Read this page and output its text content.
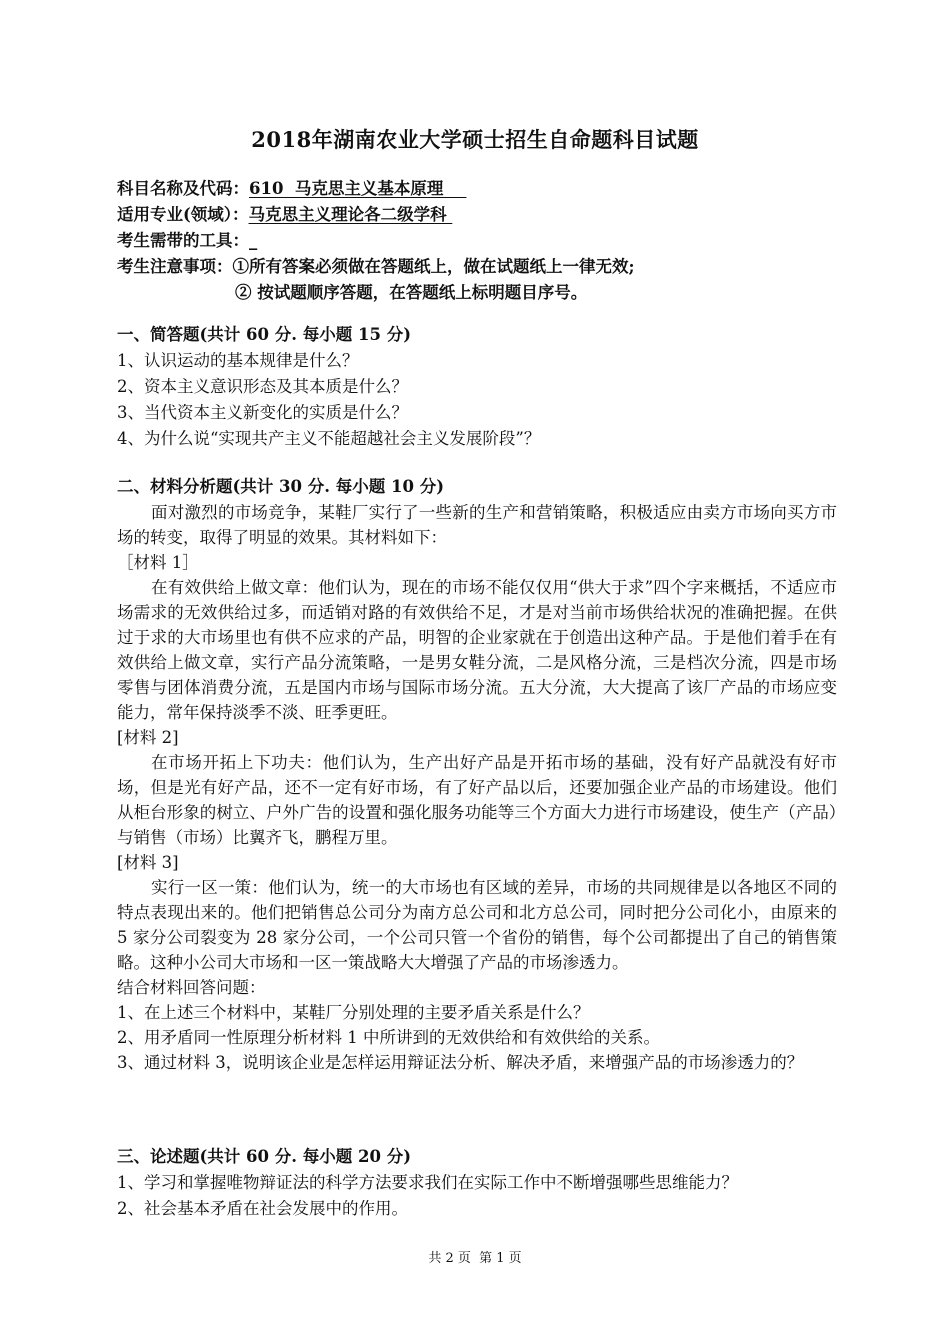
2018年湖南农业大学硕士招生自命题科目试题
科目名称及代码：610  马克思主义基本原理
适用专业(领域）：马克思主义理论各二级学科
考生需带的工具：_
考生注意事项：①所有答案必须做在答题纸上，做在试题纸上一律无效;
② 按试题顺序答题，在答题纸上标明题目序号。
一、简答题(共计 60 分. 每小题 15 分)
1、认识运动的基本规律是什么？
2、资本主义意识形态及其本质是什么？
3、当代资本主义新变化的实质是什么？
4、为什么说“实现共产主义不能超越社会主义发展阶段”？
二、材料分析题(共计 30 分. 每小题 10 分)
面对激烈的市场竞争，某鞋厂实行了一些新的生产和营销策略，积极适应由卖方市场向买方市场的转变，取得了明显的效果。其材料如下：
［材料 1］
在有效供给上做文章：他们认为，现在的市场不能仅仅用“供大于求”四个字来概括，不适应市场需求的无效供给过多，而适销对路的有效供给不足，才是对当前市场供给状况的准确把握。在供过于求的大市场里也有供不应求的产品，明智的企业家就在于创造出这种产品。于是他们着手在有效供给上做文章，实行产品分流策略，一是男女鞋分流，二是风格分流，三是档次分流，四是市场零售与团体消费分流，五是国内市场与国际市场分流。五大分流，大大提高了该厂产品的市场应变能力，常年保持淡季不淡、旺季更旺。
[材料 2]
在市场开拓上下功夫：他们认为，生产出好产品是开拓市场的基础，没有好产品就没有好市场，但是光有好产品，还不一定有好市场，有了好产品以后，还要加强企业产品的市场建设。他们从柜台形象的树立、户外广告的设置和强化服务功能等三个方面大力进行市场建设，使生产（产品）与销售（市场）比翼齐飞，鹏程万里。
[材料 3]
实行一区一策：他们认为，统一的大市场也有区域的差异，市场的共同规律是以各地区不同的特点表现出来的。他们把销售总公司分为南方总公司和北方总公司，同时把分公司化小，由原来的 5 家分公司裂变为 28 家分公司，一个公司只管一个省份的销售，每个公司都提出了自己的销售策略。这种小公司大市场和一区一策战略大大增强了产品的市场渗透力。
结合材料回答问题：
1、在上述三个材料中，某鞋厂分别处理的主要矛盾关系是什么？
2、用矛盾同一性原理分析材料 1 中所讲到的无效供给和有效供给的关系。
3、通过材料 3，说明该企业是怎样运用辩证法分析、解决矛盾，来增强产品的市场渗透力的？
三、论述题(共计 60 分. 每小题 20 分)
1、学习和掌握唯物辩证法的科学方法要求我们在实际工作中不断增强哪些思维能力？
2、社会基本矛盾在社会发展中的作用。
共 2 页  第 1 页
